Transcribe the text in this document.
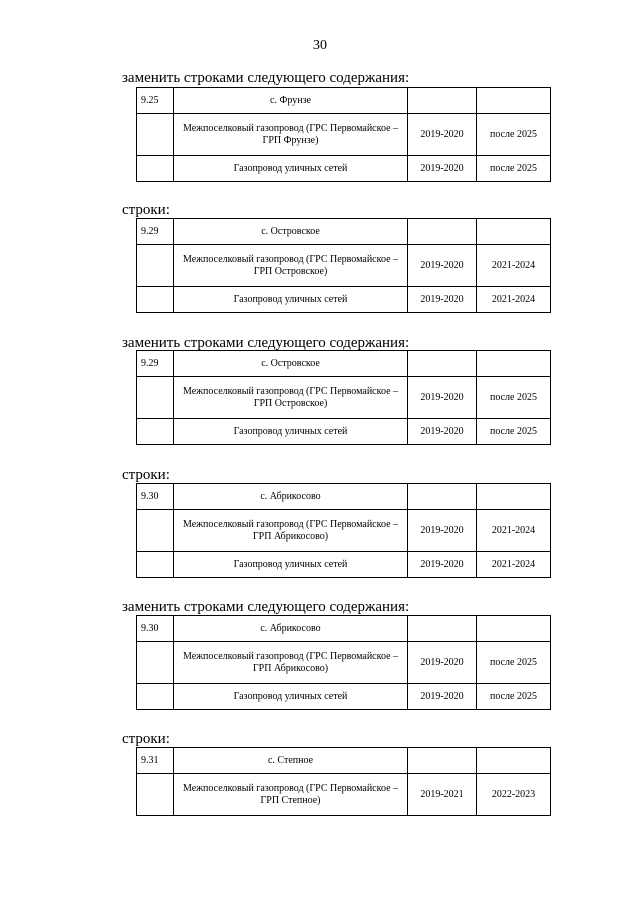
30
заменить строками следующего содержания:
9.25	с. Фрунзе		
	Межпоселковый газопровод (ГРС Первомайское – ГРП Фрунзе)	2019-2020	после 2025
	Газопровод уличных сетей	2019-2020	после 2025
строки:
9.29	с. Островское		
	Межпоселковый газопровод (ГРС Первомайское – ГРП Островское)	2019-2020	2021-2024
	Газопровод уличных сетей	2019-2020	2021-2024
заменить строками следующего содержания:
9.29	с. Островское		
	Межпоселковый газопровод (ГРС Первомайское – ГРП Островское)	2019-2020	после 2025
	Газопровод уличных сетей	2019-2020	после 2025
строки:
9.30	с. Абрикосово		
	Межпоселковый газопровод (ГРС Первомайское – ГРП Абрикосово)	2019-2020	2021-2024
	Газопровод уличных сетей	2019-2020	2021-2024
заменить строками следующего содержания:
9.30	с. Абрикосово		
	Межпоселковый газопровод (ГРС Первомайское – ГРП Абрикосово)	2019-2020	после 2025
	Газопровод уличных сетей	2019-2020	после 2025
строки:
9.31	с. Степное		
	Межпоселковый газопровод (ГРС Первомайское – ГРП Степное)	2019-2021	2022-2023
